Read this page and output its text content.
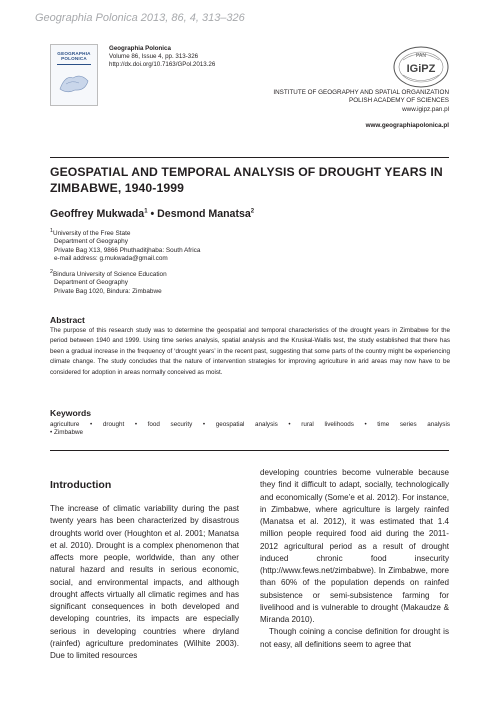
Geographia Polonica 2013, 86, 4, 313–326
GEOGRAPHIA
POLONICA
Geographia Polonica
Volume 86, Issue 4, pp. 313-326
http://dx.doi.org/10.7163/GPol.2013.26
PAN
IGiPZ
INSTITUTE OF GEOGRAPHY AND SPATIAL ORGANIZATION
POLISH ACADEMY OF SCIENCES
www.igipz.pan.pl
www.geographiapolonica.pl
GEOSPATIAL AND TEMPORAL ANALYSIS OF DROUGHT YEARS IN
ZIMBABWE, 1940-1999
Geoffrey Mukwada$^1$ • Desmond Manatsa$^2$
$^1$University of the Free State
Department of Geography
Private Bag X13, 9866 Phuthaditjhaba: South Africa
e-mail address: g.mukwada@gmail.com
$^2$Bindura University of Science Education
Department of Geography
Private Bag 1020, Bindura: Zimbabwe
Abstract
The purpose of this research study was to determine the geospatial and temporal characteristics of the drought years in Zimbabwe for the period between 1940 and 1999. Using time series analysis, spatial analysis and the Kruskal-Wallis test, the study established that there has been a gradual increase in the frequency of ‘drought years’ in the recent past, suggesting that some parts of the country might be experiencing climate change. The study concludes that the nature of intervention strategies for improving agriculture in arid areas may now have to be considered for adoption in areas normally conceived as moist.
Keywords
agriculture • drought • food security • geospatial analysis • rural livelihoods • time series analysis
• Zimbabwe
Introduction

The increase of climatic variability during the past twenty years has been characterized by disastrous droughts world over (Houghton et al. 2001; Manatsa et al. 2010). Drought is a complex phenomenon that affects more people, worldwide, than any other natural hazard and results in serious economic, social, and environmental impacts, and although drought affects virtually all climatic regimes and has significant consequences in both developed and developing countries, its impacts are especially serious in developing countries where dryland (rainfed) agriculture predominates (Wilhite 2003). Due to limited resources

developing countries become vulnerable because they find it difficult to adapt, socially, technologically and economically (Some’e et al. 2012). For instance, in Zimbabwe, where agriculture is largely rainfed (Manatsa et al. 2012), it was estimated that 1.4 million people required food aid during the 2011-2012 agricultural period as a result of drought induced chronic food insecurity (http://www.fews.net/zimbabwe). In Zimbabwe, more than 60% of the population depends on rainfed subsistence or semi-subsistence farming for livelihood and is vulnerable to drought (Makaudze & Miranda 2010).

Though coining a concise definition for drought is not easy, all definitions seem to agree that
